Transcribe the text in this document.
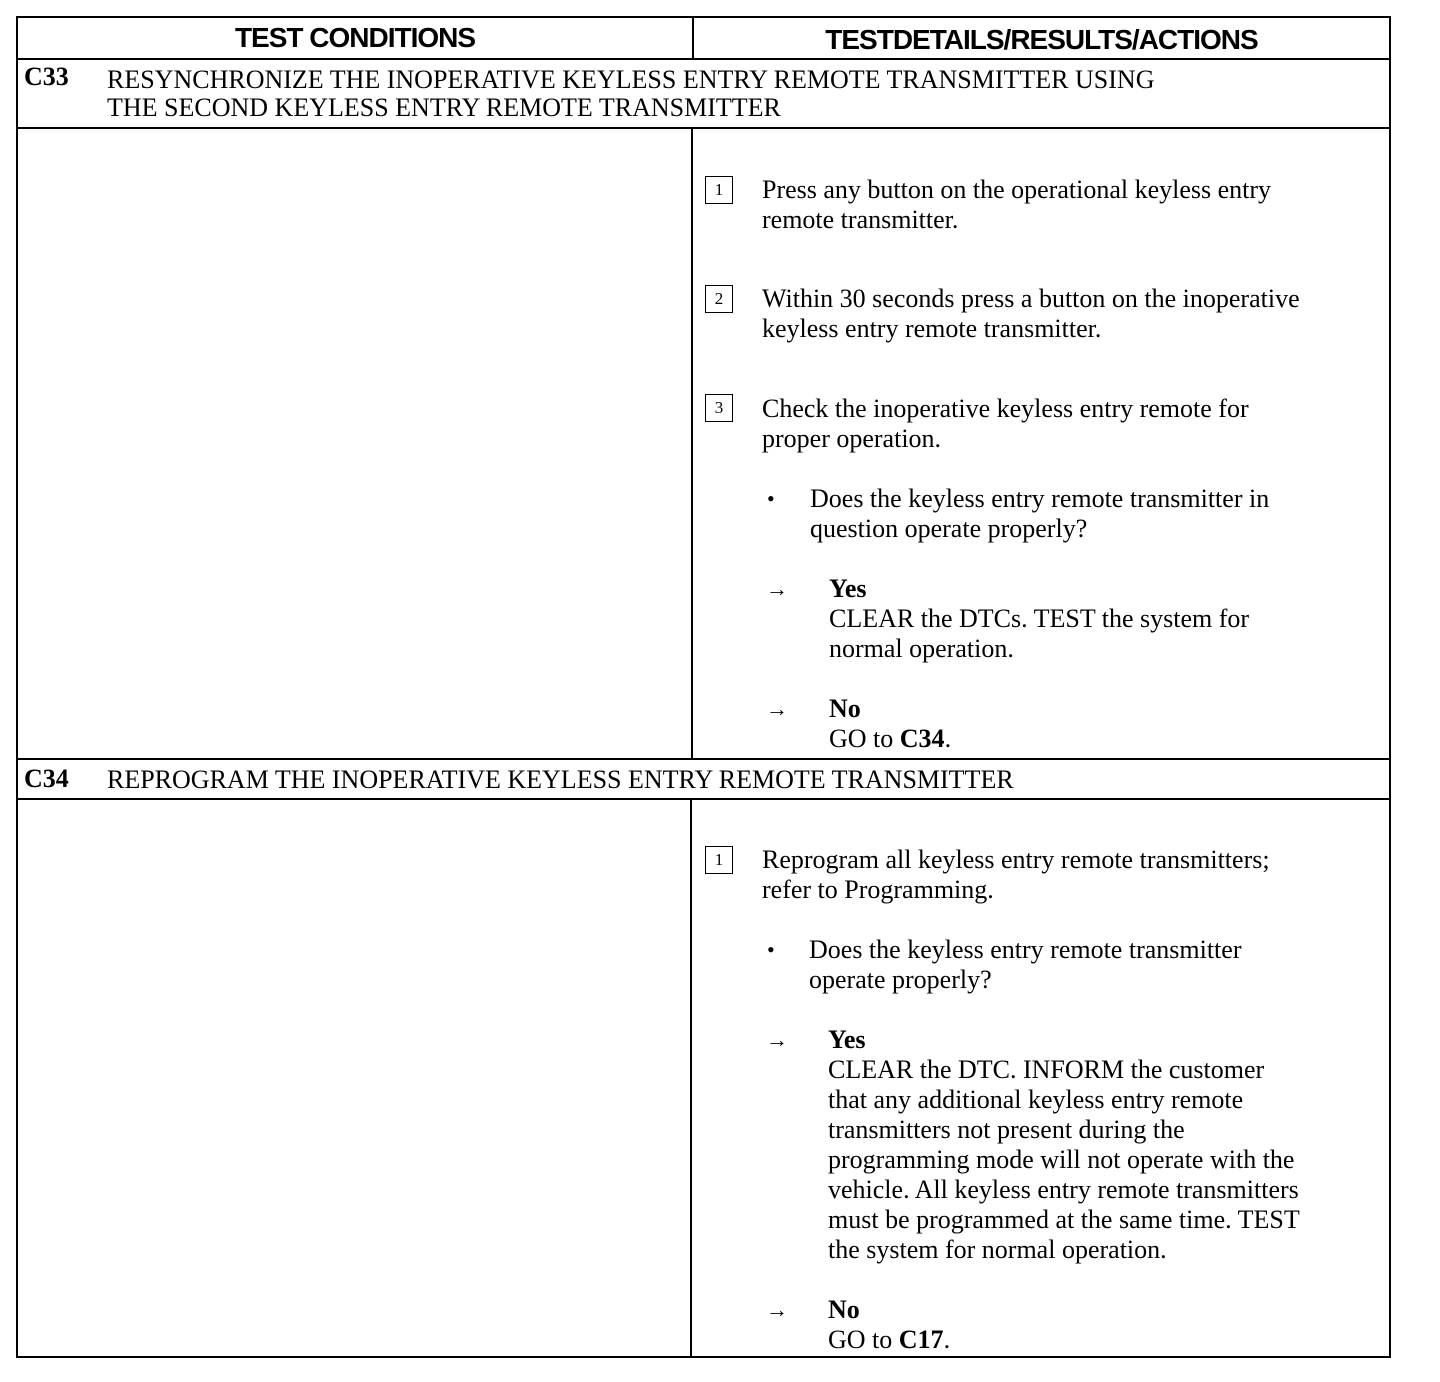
TEST CONDITIONS	TESTDETAILS/RESULTS/ACTIONS
C33 RESYNCHRONIZE THE INOPERATIVE KEYLESS ENTRY REMOTE TRANSMITTER USING
THE SECOND KEYLESS ENTRY REMOTE TRANSMITTER
1	Press any button on the operational keyless entry
remote transmitter.
2	Within 30 seconds press a button on the inoperative
keyless entry remote transmitter.
3	Check the inoperative keyless entry remote for
proper operation.
• Does the keyless entry remote transmitter in
question operate properly?
→ Yes
CLEAR the DTCs. TEST the system for
normal operation.
→ No
GO to C34.
C34 REPROGRAM THE INOPERATIVE KEYLESS ENTRY REMOTE TRANSMITTER
1	Reprogram all keyless entry remote transmitters;
refer to Programming.
• Does the keyless entry remote transmitter
operate properly?
→ Yes
CLEAR the DTC. INFORM the customer
that any additional keyless entry remote
transmitters not present during the
programming mode will not operate with the
vehicle. All keyless entry remote transmitters
must be programmed at the same time. TEST
the system for normal operation.
→ No
GO to C17.
